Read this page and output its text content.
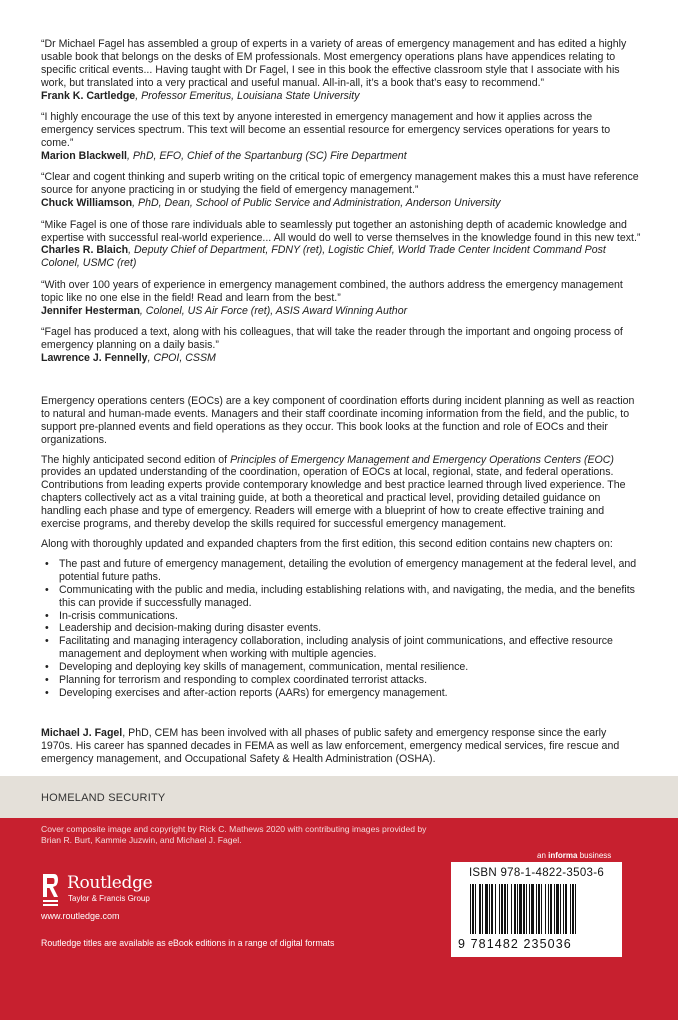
“Dr Michael Fagel has assembled a group of experts in a variety of areas of emergency management and has edited a highly usable book that belongs on the desks of EM professionals. Most emergency operations plans have appendices relating to specific critical events... Having taught with Dr Fagel, I see in this book the effective classroom style that I associate with his work, but translated into a very practical and useful manual. All-in-all, it’s a book that’s easy to recommend.”

Frank K. Cartledge, Professor Emeritus, Louisiana State University

“I highly encourage the use of this text by anyone interested in emergency management and how it applies across the emergency services spectrum. This text will become an essential resource for emergency services operations for years to come.”

Marion Blackwell, PhD, EFO, Chief of the Spartanburg (SC) Fire Department

“Clear and cogent thinking and superb writing on the critical topic of emergency management makes this a must have reference source for anyone practicing in or studying the field of emergency management.”

Chuck Williamson, PhD, Dean, School of Public Service and Administration, Anderson University

“Mike Fagel is one of those rare individuals able to seamlessly put together an astonishing depth of academic knowledge and expertise with successful real-world experience... All would do well to verse themselves in the knowledge found in this new text.”

Charles R. Blaich, Deputy Chief of Department, FDNY (ret), Logistic Chief, World Trade Center Incident Command Post Colonel, USMC (ret)

“With over 100 years of experience in emergency management combined, the authors address the emergency management topic like no one else in the field! Read and learn from the best.”

Jennifer Hesterman, Colonel, US Air Force (ret), ASIS Award Winning Author

“Fagel has produced a text, along with his colleagues, that will take the reader through the important and ongoing process of emergency planning on a daily basis.”

Lawrence J. Fennelly, CPOI, CSSM

Emergency operations centers (EOCs) are a key component of coordination efforts during incident planning as well as reaction to natural and human-made events. Managers and their staff coordinate incoming information from the field, and the public, to support pre-planned events and field operations as they occur. This book looks at the function and role of EOCs and their organizations.

The highly anticipated second edition of Principles of Emergency Management and Emergency Operations Centers (EOC) provides an updated understanding of the coordination, operation of EOCs at local, regional, state, and federal operations. Contributions from leading experts provide contemporary knowledge and best practice learned through lived experience. The chapters collectively act as a vital training guide, at both a theoretical and practical level, providing detailed guidance on handling each phase and type of emergency. Readers will emerge with a blueprint of how to create effective training and exercise programs, and thereby develop the skills required for successful emergency management.

Along with thoroughly updated and expanded chapters from the first edition, this second edition contains new chapters on:

• The past and future of emergency management, detailing the evolution of emergency management at the federal level, and potential future paths.
• Communicating with the public and media, including establishing relations with, and navigating, the media, and the benefits this can provide if successfully managed.
• In-crisis communications.
• Leadership and decision-making during disaster events.
• Facilitating and managing interagency collaboration, including analysis of joint communications, and effective resource management and deployment when working with multiple agencies.
• Developing and deploying key skills of management, communication, mental resilience.
• Planning for terrorism and responding to complex coordinated terrorist attacks.
• Developing exercises and after-action reports (AARs) for emergency management.
Michael J. Fagel, PhD, CEM has been involved with all phases of public safety and emergency response since the early 1970s. His career has spanned decades in FEMA as well as law enforcement, emergency medical services, fire rescue and emergency management, and Occupational Safety & Health Administration (OSHA).
HOMELAND SECURITY
Cover composite image and copyright by Rick C. Mathews 2020 with contributing images provided by Brian R. Burt, Kammie Juzwin, and Michael J. Fagel.
Routledge
Taylor & Francis Group
www.routledge.com
Routledge titles are available as eBook editions in a range of digital formats
an informa business
ISBN 978-1-4822-3503-6
9 781482 235036
